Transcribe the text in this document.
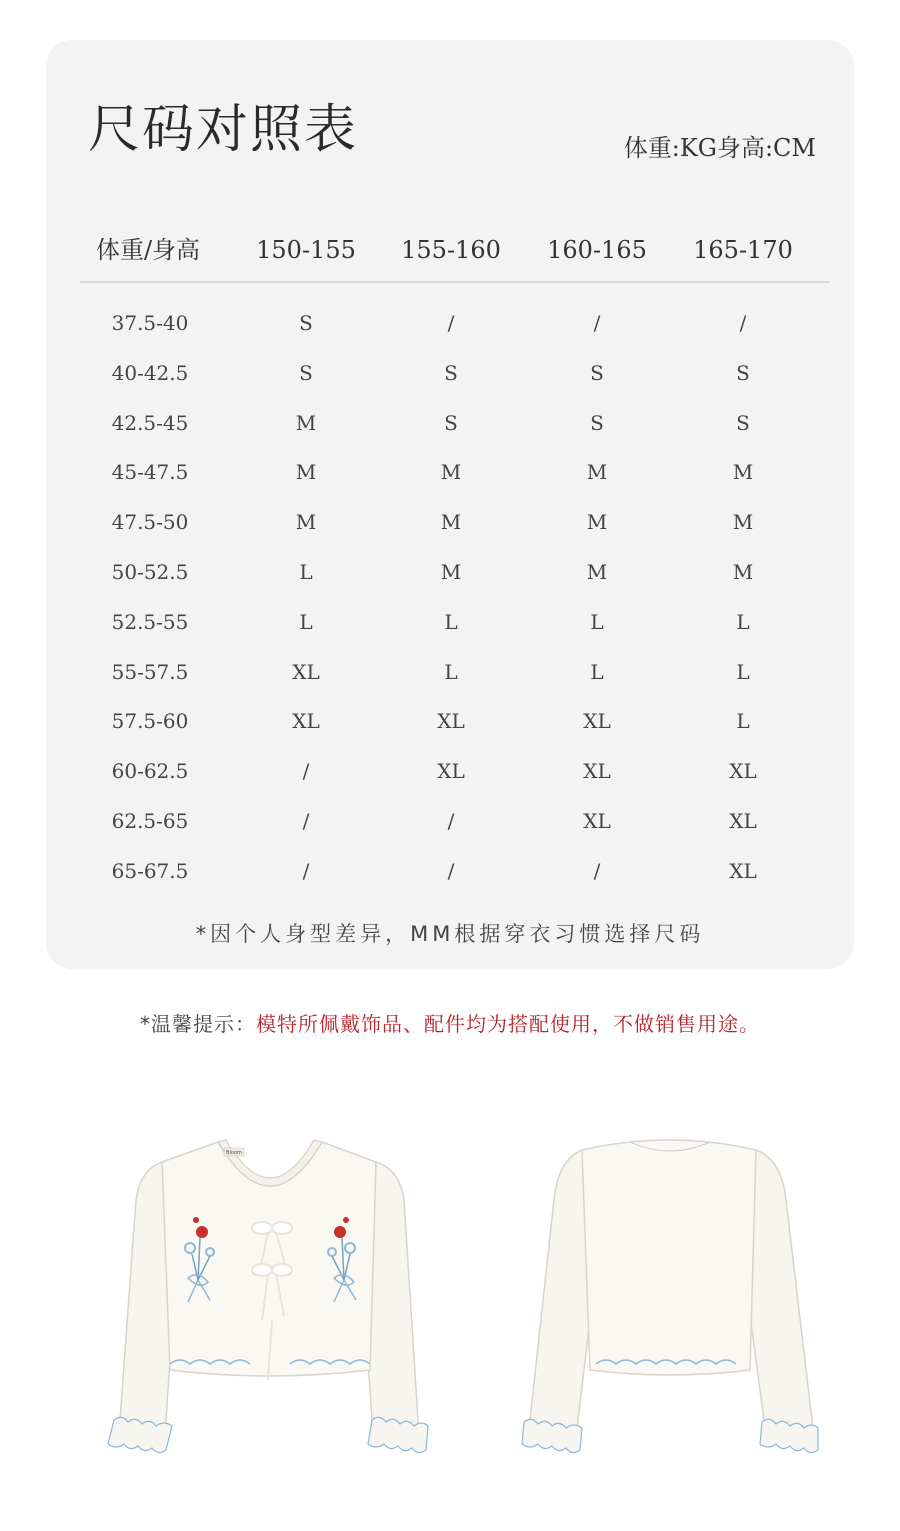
尺码对照表	体重:KG身高:CM
体重/身高 150-155 155-160 160-165 165-170
37.5-40	S	/	/	/
40-42.5	S	S	S	S
42.5-45	M	S	S	S
45-47.5	M	M	M	M
47.5-50	M	M	M	M
50-52.5	L	M	M	M
52.5-55	L	L	L	L
55-57.5	XL	L	L	L
57.5-60	XL	XL	XL	L
60-62.5	/	XL	XL	XL
62.5-65	/	/	XL	XL
65-67.5	/	/	/	XL
*因个人身型差异，MM根据穿衣习惯选择尺码
*温馨提示：模特所佩戴饰品、配件均为搭配使用，不做销售用途。
Bloom
